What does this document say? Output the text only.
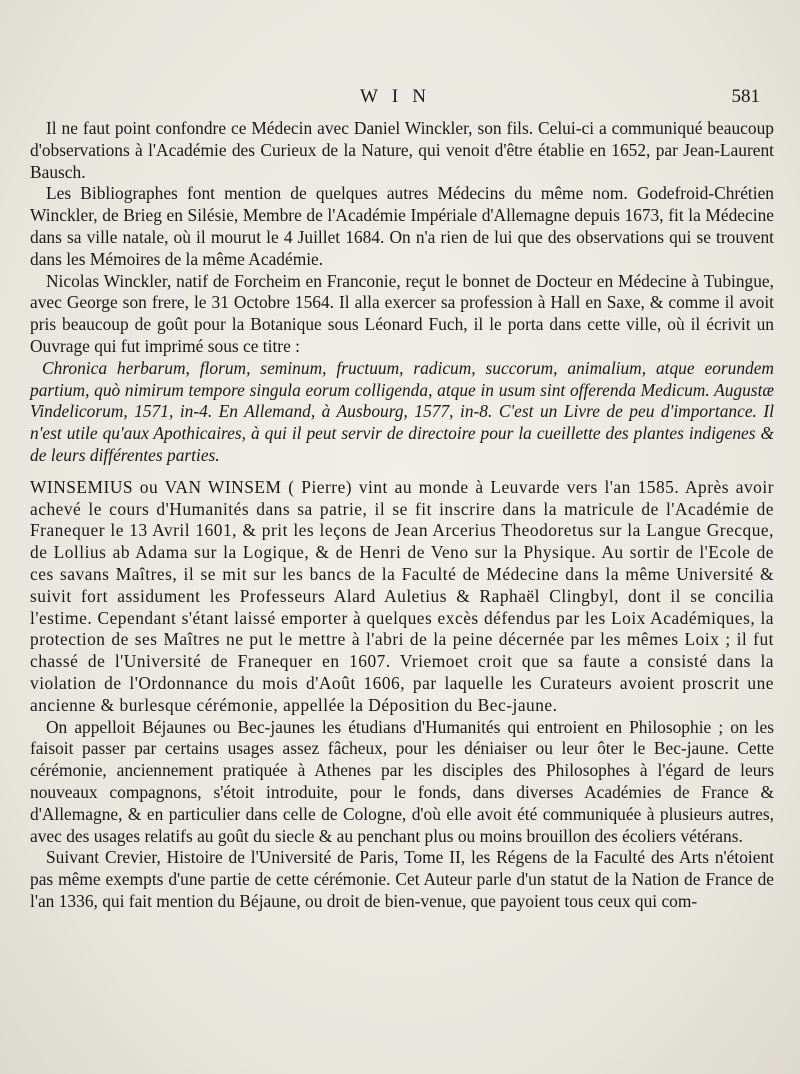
WIN	581

Il ne faut point confondre ce Médecin avec Daniel Winckler, son fils. Celui-ci a communiqué beaucoup d'observations à l'Académie des Curieux de la Nature, qui venoit d'être établie en 1652, par Jean-Laurent Bausch.

Les Bibliographes font mention de quelques autres Médecins du même nom. Godefroid-Chrétien Winckler, de Brieg en Silésie, Membre de l'Académie Impériale d'Allemagne depuis 1673, fit la Médecine dans sa ville natale, où il mourut le 4 Juillet 1684. On n'a rien de lui que des observations qui se trouvent dans les Mémoires de la même Académie.

Nicolas Winckler, natif de Forcheim en Franconie, reçut le bonnet de Docteur en Médecine à Tubingue, avec George son frere, le 31 Octobre 1564. Il alla exercer sa profession à Hall en Saxe, & comme il avoit pris beaucoup de goût pour la Botanique sous Léonard Fuch, il le porta dans cette ville, où il écrivit un Ouvrage qui fut imprimé sous ce titre :

Chronica herbarum, florum, seminum, fructuum, radicum, succorum, animalium, atque eorundem partium, quò nimirum tempore singula eorum colligenda, atque in usum sint offerenda Medicum. Augustæ Vindelicorum, 1571, in-4. En Allemand, à Ausbourg, 1577, in-8. C'est un Livre de peu d'importance. Il n'est utile qu'aux Apothicaires, à qui il peut servir de directoire pour la cueillette des plantes indigenes & de leurs différentes parties.

WINSEMIUS ou VAN WINSEM ( Pierre) vint au monde à Leuvarde vers l'an 1585. Après avoir achevé le cours d'Humanités dans sa patrie, il se fit inscrire dans la matricule de l'Académie de Franequer le 13 Avril 1601, & prit les leçons de Jean Arcerius Theodoretus sur la Langue Grecque, de Lollius ab Adama sur la Logique, & de Henri de Veno sur la Physique. Au sortir de l'Ecole de ces savans Maîtres, il se mit sur les bancs de la Faculté de Médecine dans la même Université & suivit fort assidument les Professeurs Alard Auletius & Raphaël Clingbyl, dont il se concilia l'estime. Cependant s'étant laissé emporter à quelques excès défendus par les Loix Académiques, la protection de ses Maîtres ne put le mettre à l'abri de la peine décernée par les mêmes Loix ; il fut chassé de l'Université de Franequer en 1607. Vriemoet croit que sa faute a consisté dans la violation de l'Ordonnance du mois d'Août 1606, par laquelle les Curateurs avoient proscrit une ancienne & burlesque cérémonie, appellée la Déposition du Bec-jaune.

On appelloit Béjaunes ou Bec-jaunes les étudians d'Humanités qui entroient en Philosophie ; on les faisoit passer par certains usages assez fâcheux, pour les déniaiser ou leur ôter le Bec-jaune. Cette cérémonie, anciennement pratiquée à Athenes par les disciples des Philosophes à l'égard de leurs nouveaux compagnons, s'étoit introduite, pour le fonds, dans diverses Académies de France & d'Allemagne, & en particulier dans celle de Cologne, d'où elle avoit été communiquée à plusieurs autres, avec des usages relatifs au goût du siecle & au penchant plus ou moins brouillon des écoliers vétérans.

Suivant Crevier, Histoire de l'Université de Paris, Tome II, les Régens de la Faculté des Arts n'étoient pas même exempts d'une partie de cette cérémonie. Cet Auteur parle d'un statut de la Nation de France de l'an 1336, qui fait mention du Béjaune, ou droit de bien-venue, que payoient tous ceux qui com-
